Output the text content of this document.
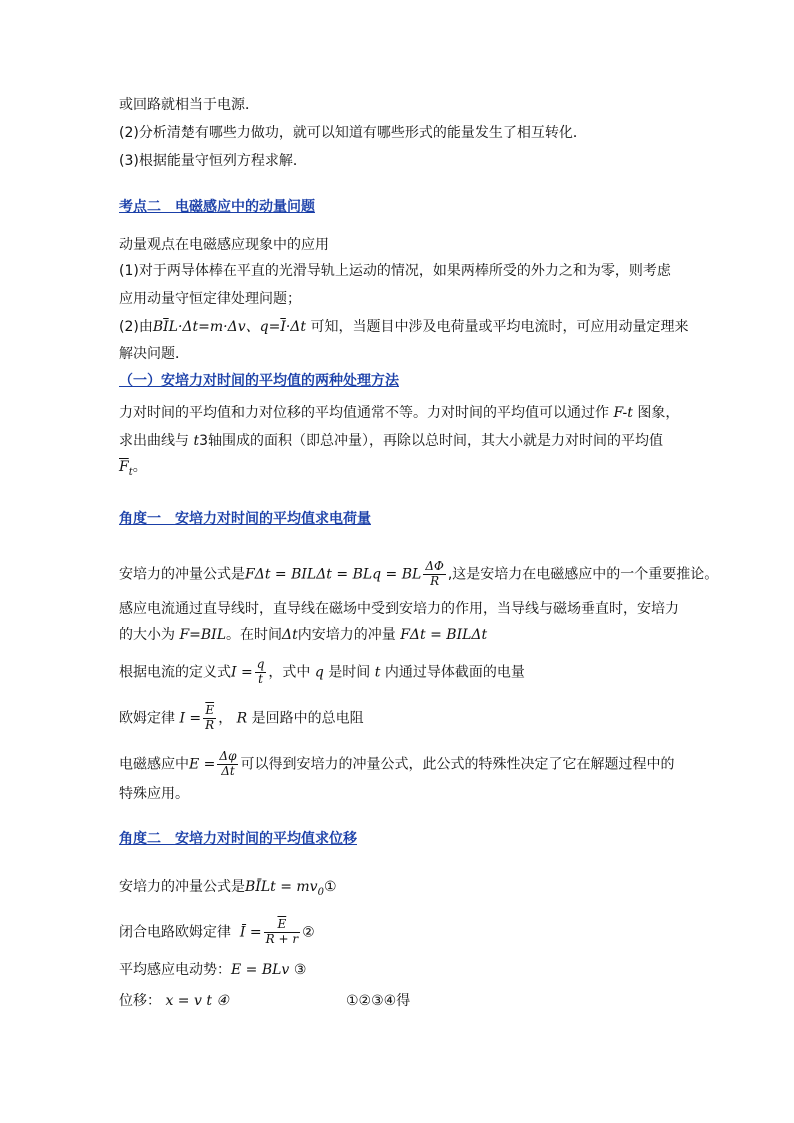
或回路就相当于电源．
(2)分析清楚有哪些力做功，就可以知道有哪些形式的能量发生了相互转化．
(3)根据能量守恒列方程求解．
考点二　电磁感应中的动量问题
动量观点在电磁感应现象中的应用
(1)对于两导体棒在平直的光滑导轨上运动的情况，如果两棒所受的外力之和为零，则考虑
应用动量守恒定律处理问题；
(2)由$B\overline{I}L\cdot\Delta t=m\cdot\Delta v$、$q=\overline{I}\cdot\Delta t$ 可知，当题目中涉及电荷量或平均电流时，可应用动量定理来
解决问题．
（一）安培力对时间的平均值的两种处理方法
力对时间的平均值和力对位移的平均值通常不等。力对时间的平均值可以通过作 F-t 图象，
求出曲线与 t3轴围成的面积（即总冲量），再除以总时间，其大小就是力对时间的平均值
$\overline{F}_t$。
角度一　安培力对时间的平均值求电荷量
安培力的冲量公式是FΔt = BILΔt = BLq = BL $\frac{\Delta\Phi}{R}$ ,这是安培力在电磁感应中的一个重要推论。
感应电流通过直导线时，直导线在磁场中受到安培力的作用，当导线与磁场垂直时，安培力
的大小为 F=BIL。在时间Δt内安培力的冲量 FΔt = BILΔt
根据电流的定义式$I = \frac{q}{t}$ ，式中 q 是时间 t 内通过导体截面的电量
欧姆定律 $I = \frac{\overline{E}}{R}$ ， R 是回路中的总电阻
电磁感应中$E = \frac{\Delta\varphi}{\Delta t}$ 可以得到安培力的冲量公式，此公式的特殊性决定了它在解题过程中的
特殊应用。
角度二　安培力对时间的平均值求位移
安培力的冲量公式是BĪLt = $mv_0①$
闭合电路欧姆定律 Ī = $\frac{\overline{E}}{R + r}$ ②
平均感应电动势：E = BLv ③
位移： x = v t ④	①②③④得
